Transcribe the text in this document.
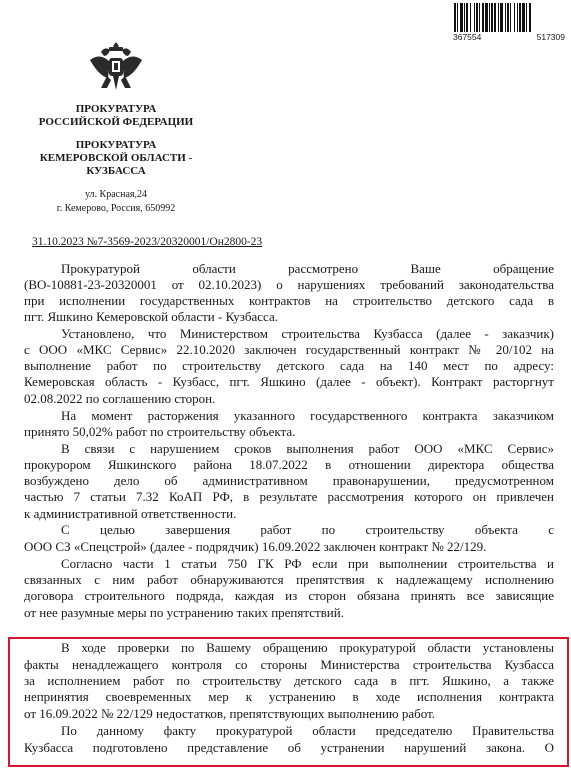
367554	517309
ПРОКУРАТУРА
РОССИЙСКОЙ ФЕДЕРАЦИИ
ПРОКУРАТУРА
КЕМЕРОВСКОЙ ОБЛАСТИ -
КУЗБАССА
ул. Красная,24
г. Кемерово, Россия, 650992
31.10.2023 №7-3569-2023/20320001/Он2800-23
Прокуратурой области рассмотрено Ваше обращение
(ВО-10881-23-20320001 от 02.10.2023) о нарушениях требований законодательства
при исполнении государственных контрактов на строительство детского сада в
пгт. Яшкино Кемеровской области - Кузбасса.
Установлено, что Министерством строительства Кузбасса (далее - заказчик)
с ООО «МКС Сервис» 22.10.2020 заключен государственный контракт № 20/102 на
выполнение работ по строительству детского сада на 140 мест по адресу:
Кемеровская область - Кузбасс, пгт. Яшкино (далее - объект). Контракт расторгнут
02.08.2022 по соглашению сторон.
На момент расторжения указанного государственного контракта заказчиком
принято 50,02% работ по строительству объекта.
В связи с нарушением сроков выполнения работ ООО «МКС Сервис»
прокурором Яшкинского района 18.07.2022 в отношении директора общества
возбуждено дело об административном правонарушении, предусмотренном
частью 7 статьи 7.32 КоАП РФ, в результате рассмотрения которого он привлечен
к административной ответственности.
С целью завершения работ по строительству объекта с
ООО СЗ «Спецстрой» (далее - подрядчик) 16.09.2022 заключен контракт № 22/129.
Согласно части 1 статьи 750 ГК РФ если при выполнении строительства и
связанных с ним работ обнаруживаются препятствия к надлежащему исполнению
договора строительного подряда, каждая из сторон обязана принять все зависящие
от нее разумные меры по устранению таких препятствий.
В ходе проверки по Вашему обращению прокуратурой области установлены
факты ненадлежащего контроля со стороны Министерства строительства Кузбасса
за исполнением работ по строительству детского сада в пгт. Яшкино, а также
непринятия своевременных мер к устранению в ходе исполнения контракта
от 16.09.2022 № 22/129 недостатков, препятствующих выполнению работ.
По данному факту прокуратурой области председателю Правительства
Кузбасса подготовлено представление об устранении нарушений закона. О
